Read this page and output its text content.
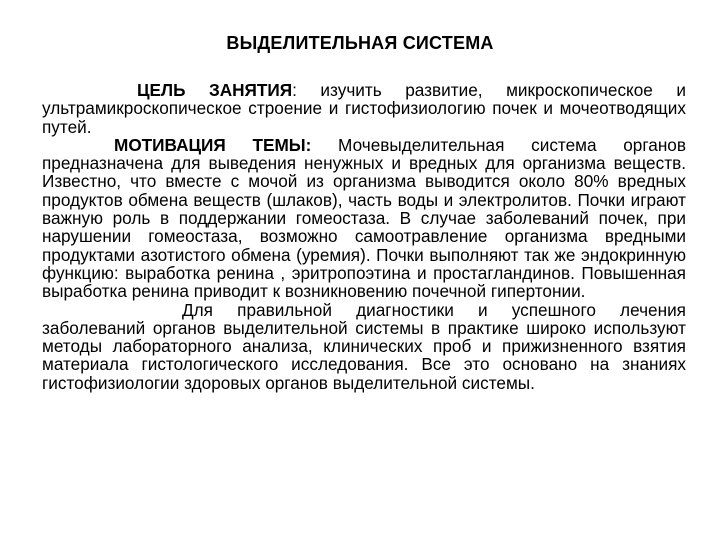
ВЫДЕЛИТЕЛЬНАЯ СИСТЕМА

ЦЕЛЬ ЗАНЯТИЯ: изучить развитие, микроскопическое и ультрамикроскопическое строение и гистофизиологию почек и мочеотводящих путей.

МОТИВАЦИЯ ТЕМЫ: Мочевыделительная система органов предназначена для выведения ненужных и вредных для организма веществ. Известно, что вместе с мочой из организма выводится около 80% вредных продуктов обмена веществ (шлаков), часть воды и электролитов. Почки играют важную роль в поддержании гомеостаза. В случае заболеваний почек, при нарушении гомеостаза, возможно самоотравление организма вредными продуктами азотистого обмена (уремия). Почки выполняют так же эндокринную функцию: выработка ренина , эритропоэтина и простагландинов. Повышенная выработка ренина приводит к возникновению почечной гипертонии.

Для правильной диагностики и успешного лечения заболеваний органов выделительной системы в практике широко используют методы лабораторного анализа, клинических проб и прижизненного взятия материала гистологического исследования. Все это основано на знаниях гистофизиологии здоровых органов выделительной системы.
